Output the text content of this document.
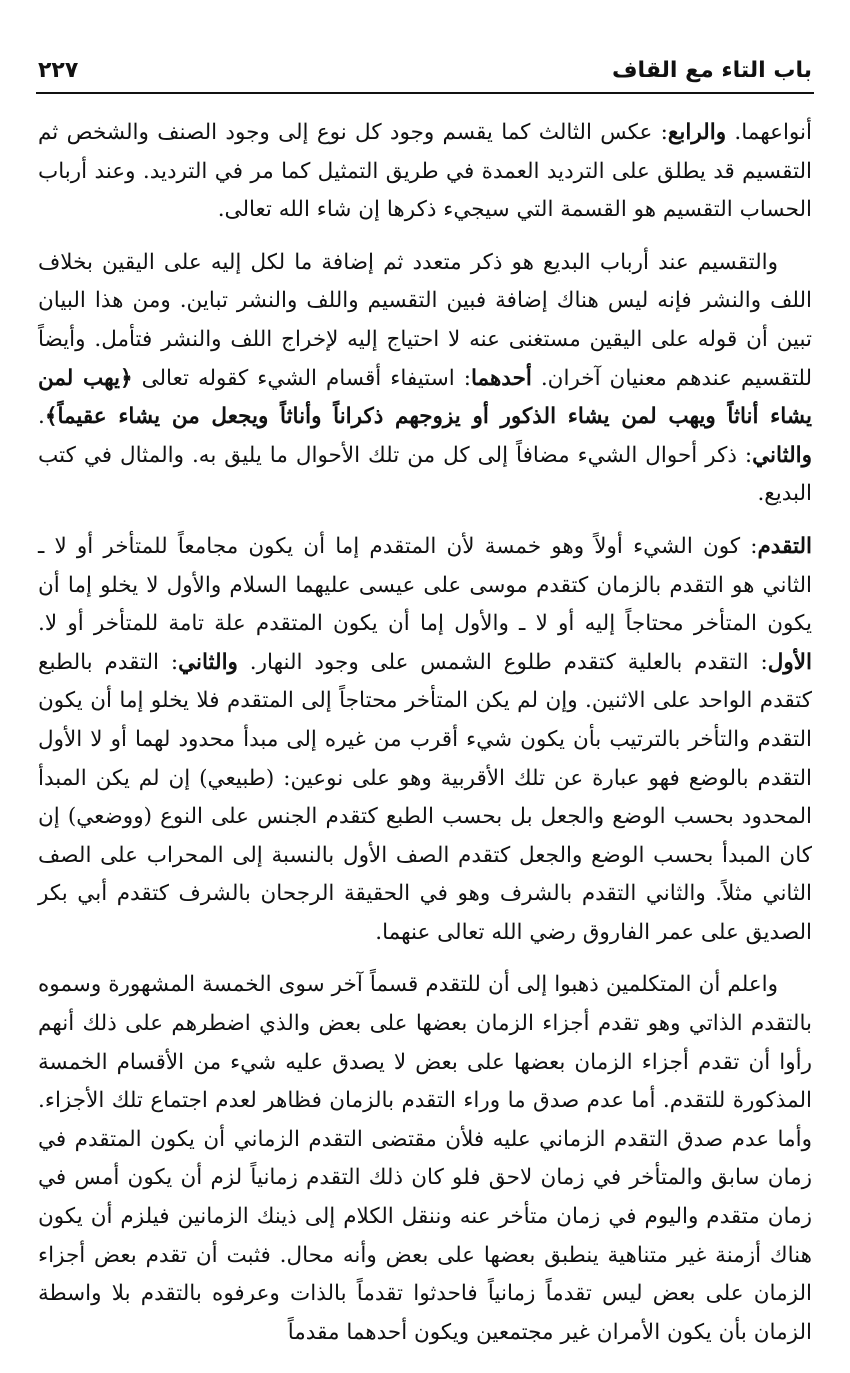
باب التاء مع القاف
٢٢٧

أنواعهما. والرابع: عكس الثالث كما يقسم وجود كل نوع إلى وجود الصنف والشخص ثم التقسيم قد يطلق على الترديد العمدة في طريق التمثيل كما مر في الترديد. وعند أرباب الحساب التقسيم هو القسمة التي سيجيء ذكرها إن شاء الله تعالى.

والتقسيم عند أرباب البديع هو ذكر متعدد ثم إضافة ما لكل إليه على اليقين بخلاف اللف والنشر فإنه ليس هناك إضافة فبين التقسيم واللف والنشر تباين. ومن هذا البيان تبين أن قوله على اليقين مستغنى عنه لا احتياج إليه لإخراج اللف والنشر فتأمل. وأيضاً للتقسيم عندهم معنيان آخران. أحدهما: استيفاء أقسام الشيء كقوله تعالى ﴿يهب لمن يشاء أناثاً ويهب لمن يشاء الذكور أو يزوجهم ذكراناً وأناثاً ويجعل من يشاء عقيماً﴾. والثاني: ذكر أحوال الشيء مضافاً إلى كل من تلك الأحوال ما يليق به. والمثال في كتب البديع.

التقدم: كون الشيء أولاً وهو خمسة لأن المتقدم إما أن يكون مجامعاً للمتأخر أو لا ـ الثاني هو التقدم بالزمان كتقدم موسى على عيسى عليهما السلام والأول لا يخلو إما أن يكون المتأخر محتاجاً إليه أو لا ـ والأول إما أن يكون المتقدم علة تامة للمتأخر أو لا. الأول: التقدم بالعلية كتقدم طلوع الشمس على وجود النهار. والثاني: التقدم بالطبع كتقدم الواحد على الاثنين. وإن لم يكن المتأخر محتاجاً إلى المتقدم فلا يخلو إما أن يكون التقدم والتأخر بالترتيب بأن يكون شيء أقرب من غيره إلى مبدأ محدود لهما أو لا الأول التقدم بالوضع فهو عبارة عن تلك الأقربية وهو على نوعين: (طبيعي) إن لم يكن المبدأ المحدود بحسب الوضع والجعل بل بحسب الطبع كتقدم الجنس على النوع (ووضعي) إن كان المبدأ بحسب الوضع والجعل كتقدم الصف الأول بالنسبة إلى المحراب على الصف الثاني مثلاً. والثاني التقدم بالشرف وهو في الحقيقة الرجحان بالشرف كتقدم أبي بكر الصديق على عمر الفاروق رضي الله تعالى عنهما.

واعلم أن المتكلمين ذهبوا إلى أن للتقدم قسماً آخر سوى الخمسة المشهورة وسموه بالتقدم الذاتي وهو تقدم أجزاء الزمان بعضها على بعض والذي اضطرهم على ذلك أنهم رأوا أن تقدم أجزاء الزمان بعضها على بعض لا يصدق عليه شيء من الأقسام الخمسة المذكورة للتقدم. أما عدم صدق ما وراء التقدم بالزمان فظاهر لعدم اجتماع تلك الأجزاء. وأما عدم صدق التقدم الزماني عليه فلأن مقتضى التقدم الزماني أن يكون المتقدم في زمان سابق والمتأخر في زمان لاحق فلو كان ذلك التقدم زمانياً لزم أن يكون أمس في زمان متقدم واليوم في زمان متأخر عنه وننقل الكلام إلى ذينك الزمانين فيلزم أن يكون هناك أزمنة غير متناهية ينطبق بعضها على بعض وأنه محال. فثبت أن تقدم بعض أجزاء الزمان على بعض ليس تقدماً زمانياً فاحدثوا تقدماً بالذات وعرفوه بالتقدم بلا واسطة الزمان بأن يكون الأمران غير مجتمعين ويكون أحدهما مقدماً
